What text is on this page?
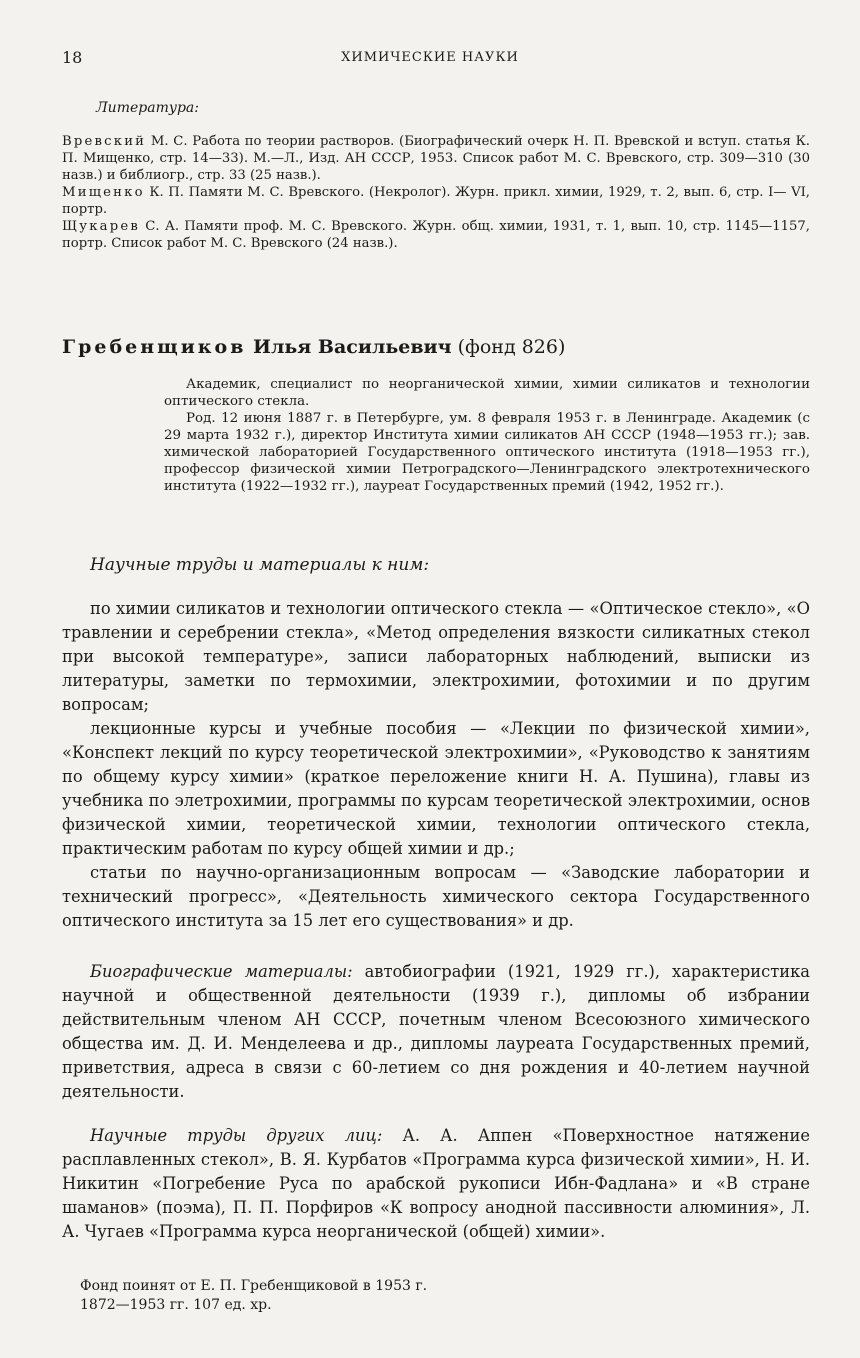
18	ХИМИЧЕСКИЕ НАУКИ
Литература:

Вревский М. С. Работа по теории растворов. (Биографический очерк Н. П. Вревской и вступ. статья К. П. Мищенко, стр. 14—33). М.—Л., Изд. АН СССР, 1953. Список работ М. С. Вревского, стр. 309—310 (30 назв.) и библиогр., стр. 33 (25 назв.).

Мищенко К. П. Памяти М. С. Вревского. (Некролог). Журн. прикл. химии, 1929, т. 2, вып. 6, стр. I— VI, портр.

Щукарев С. А. Памяти проф. М. С. Вревского. Журн. общ. химии, 1931, т. 1, вып. 10, стр. 1145—1157, портр. Список работ М. С. Вревского (24 назв.).

Гребенщиков Илья Васильевич (фонд 826)

Академик, специалист по неорганической химии, химии силикатов и технологии оптического стекла.

Род. 12 июня 1887 г. в Петербурге, ум. 8 февраля 1953 г. в Ленинграде. Академик (с 29 марта 1932 г.), директор Института химии силикатов АН СССР (1948—1953 гг.); зав. химической лабораторией Государственного оптического института (1918—1953 гг.), профессор физической химии Петроградского—Ленинградского электротехнического института (1922—1932 гг.), лауреат Государственных премий (1942, 1952 гг.).

Научные труды и материалы к ним:
по химии силикатов и технологии оптического стекла — «Оптическое стекло», «О травлении и серебрении стекла», «Метод определения вязкости силикатных стекол при высокой температуре», записи лабораторных наблюдений, выписки из литературы, заметки по термохимии, электрохимии, фотохимии и по другим вопросам;
лекционные курсы и учебные пособия — «Лекции по физической химии», «Конспект лекций по курсу теоретической электрохимии», «Руководство к занятиям по общему курсу химии» (краткое переложение книги Н. А. Пушина), главы из учебника по элетрохимии, программы по курсам теоретической электрохимии, основ физической химии, теоретической химии, технологии оптического стекла, практическим работам по курсу общей химии и др.;
статьи по научно-организационным вопросам — «Заводские лаборатории и технический прогресс», «Деятельность химического сектора Государственного оптического института за 15 лет его существования» и др.

Биографические материалы: автобиографии (1921, 1929 гг.), характеристика научной и общественной деятельности (1939 г.), дипломы об избрании действительным членом АН СССР, почетным членом Всесоюзного химического общества им. Д. И. Менделеева и др., дипломы лауреата Государственных премий, приветствия, адреса в связи с 60-летием со дня рождения и 40-летием научной деятельности.

Научные труды других лиц: А. А. Аппен «Поверхностное натяжение расплавленных стекол», В. Я. Курбатов «Программа курса физической химии», Н. И. Никитин «Погребение Руса по арабской рукописи Ибн-Фадлана» и «В стране шаманов» (поэма), П. П. Порфиров «К вопросу анодной пассивности алюминия», Л. А. Чугаев «Программа курса неорганической (общей) химии».

Фонд поинят от Е. П. Гребенщиковой в 1953 г.

1872—1953 гг. 107 ед. хр.
